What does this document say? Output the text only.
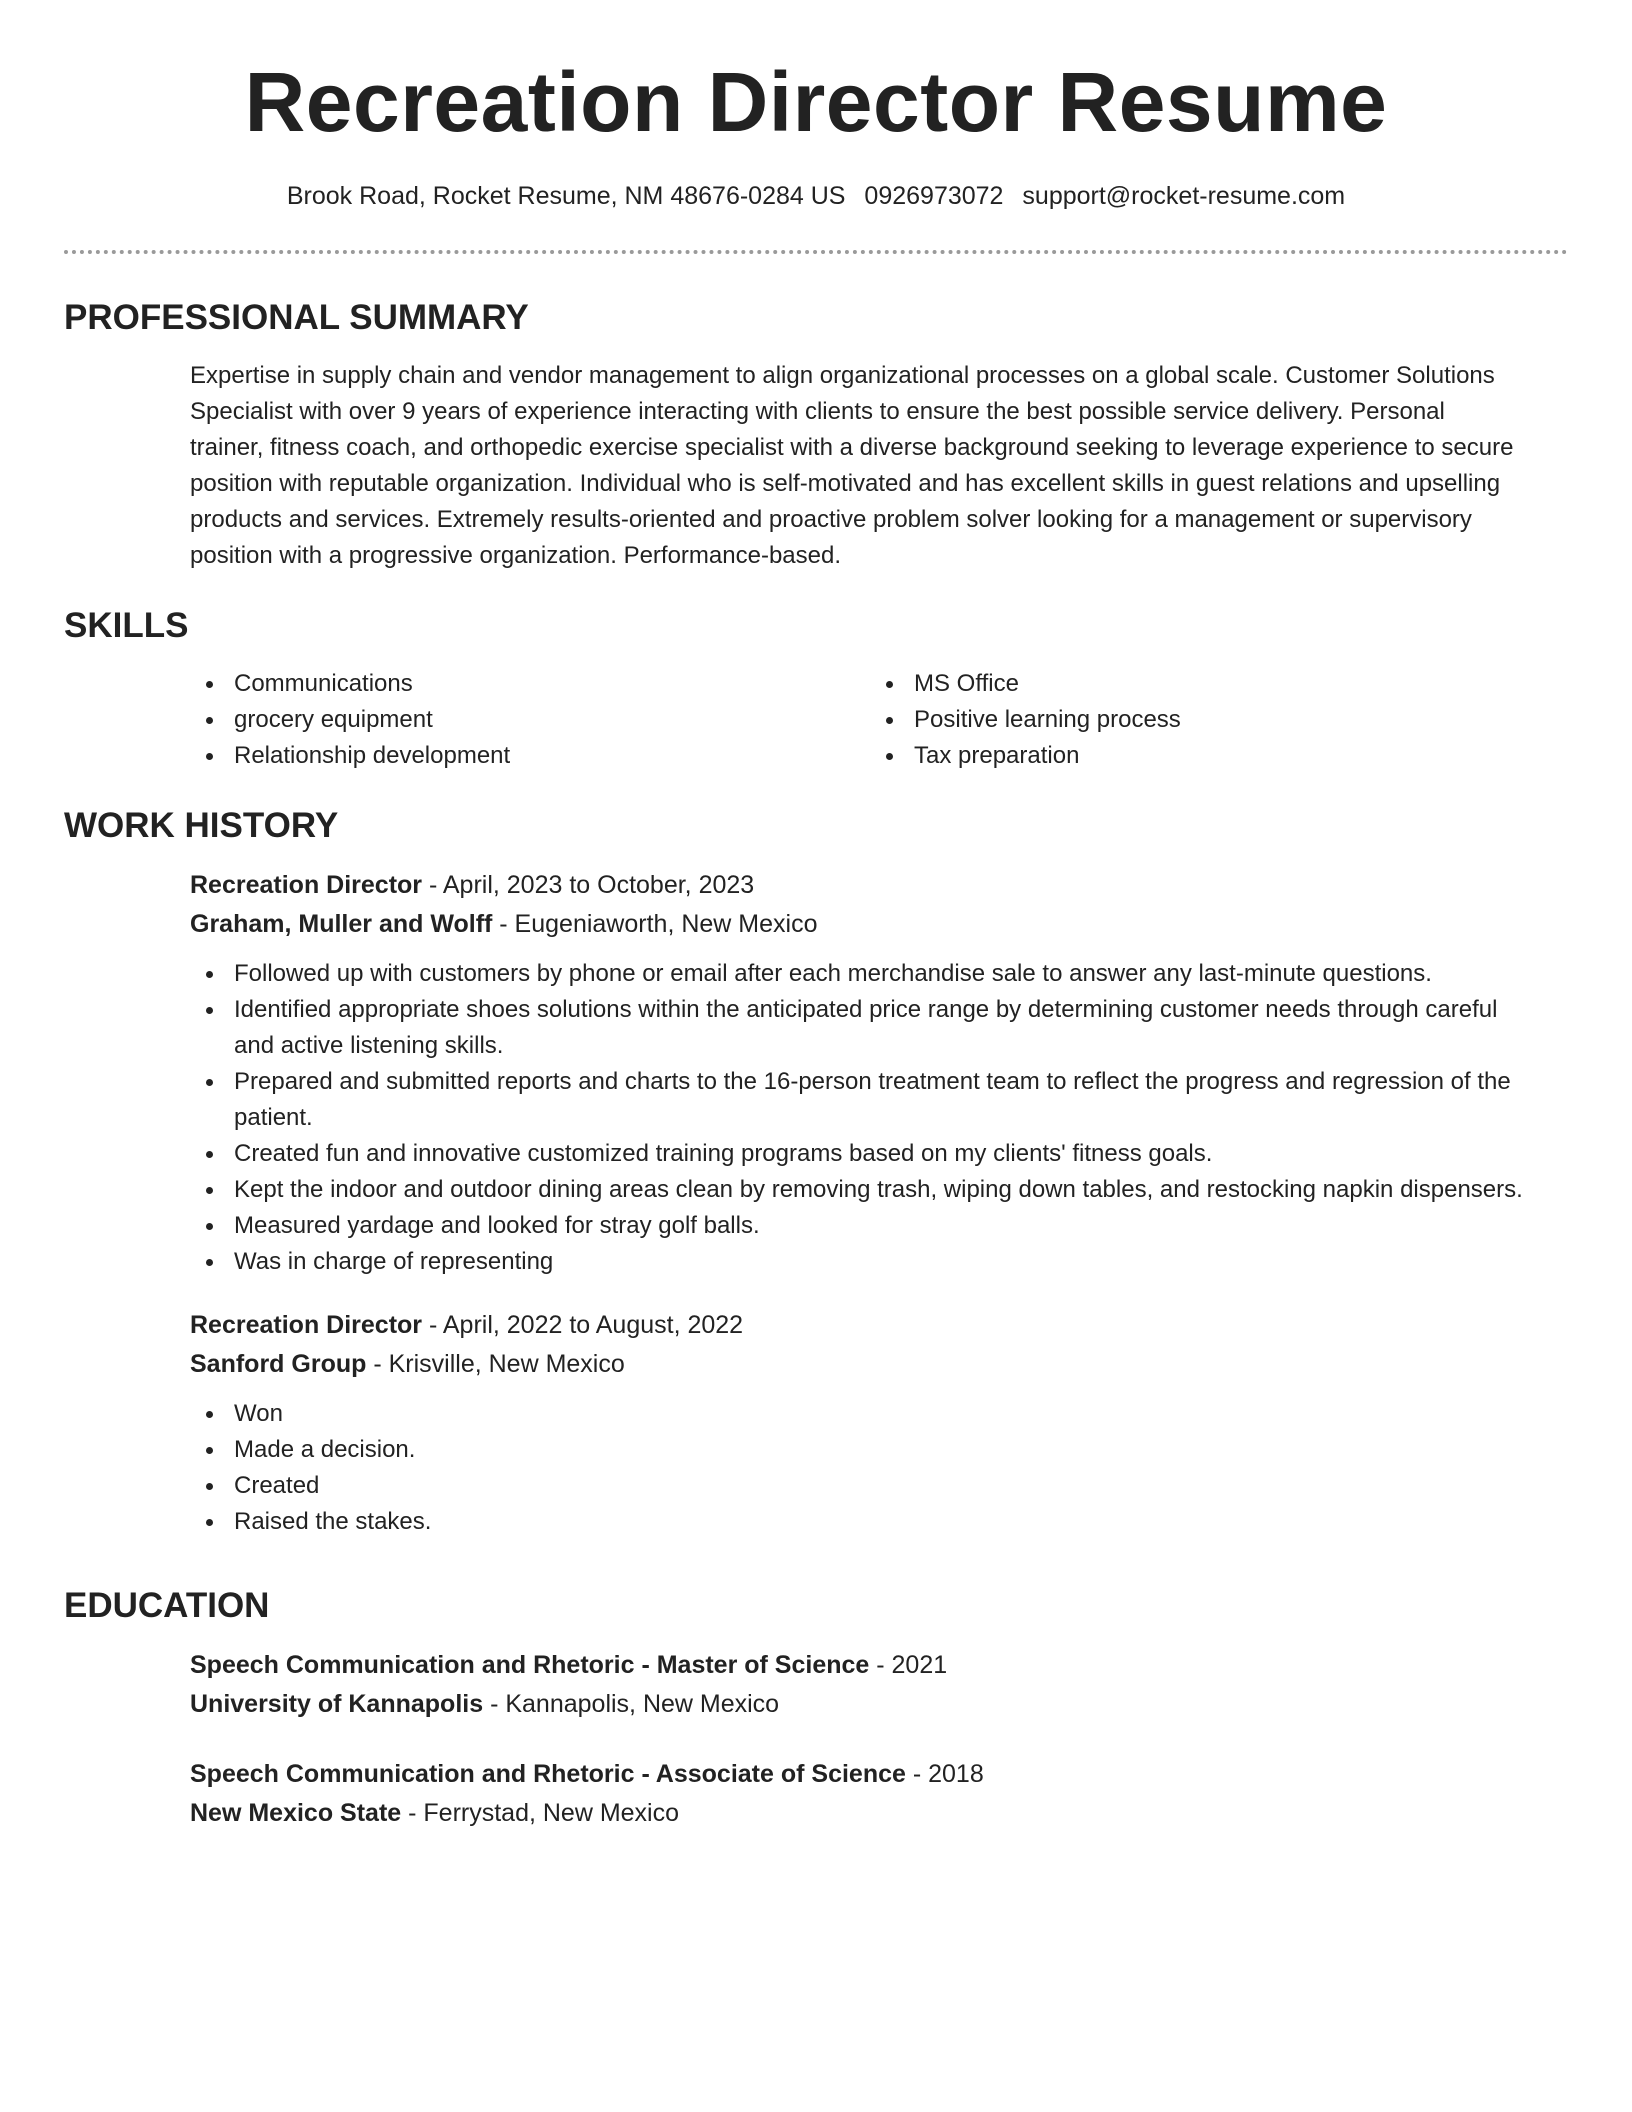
Recreation Director Resume
Brook Road, Rocket Resume, NM 48676-0284 US 0926973072 support@rocket-resume.com
PROFESSIONAL SUMMARY
Expertise in supply chain and vendor management to align organizational processes on a global scale. Customer Solutions
Specialist with over 9 years of experience interacting with clients to ensure the best possible service delivery. Personal
trainer, fitness coach, and orthopedic exercise specialist with a diverse background seeking to leverage experience to secure
position with reputable organization. Individual who is self-motivated and has excellent skills in guest relations and upselling
products and services. Extremely results-oriented and proactive problem solver looking for a management or supervisory
position with a progressive organization. Performance-based.
SKILLS
Communications
grocery equipment
Relationship development
MS Office
Positive learning process
Tax preparation
WORK HISTORY
Recreation Director - April, 2023 to October, 2023
Graham, Muller and Wolff - Eugeniaworth, New Mexico
Followed up with customers by phone or email after each merchandise sale to answer any last-minute questions.
Identified appropriate shoes solutions within the anticipated price range by determining customer needs through careful
and active listening skills.
Prepared and submitted reports and charts to the 16-person treatment team to reflect the progress and regression of the
patient.
Created fun and innovative customized training programs based on my clients' fitness goals.
Kept the indoor and outdoor dining areas clean by removing trash, wiping down tables, and restocking napkin dispensers.
Measured yardage and looked for stray golf balls.
Was in charge of representing
Recreation Director - April, 2022 to August, 2022
Sanford Group - Krisville, New Mexico
Won
Made a decision.
Created
Raised the stakes.
EDUCATION
Speech Communication and Rhetoric - Master of Science - 2021
University of Kannapolis - Kannapolis, New Mexico
Speech Communication and Rhetoric - Associate of Science - 2018
New Mexico State - Ferrystad, New Mexico
